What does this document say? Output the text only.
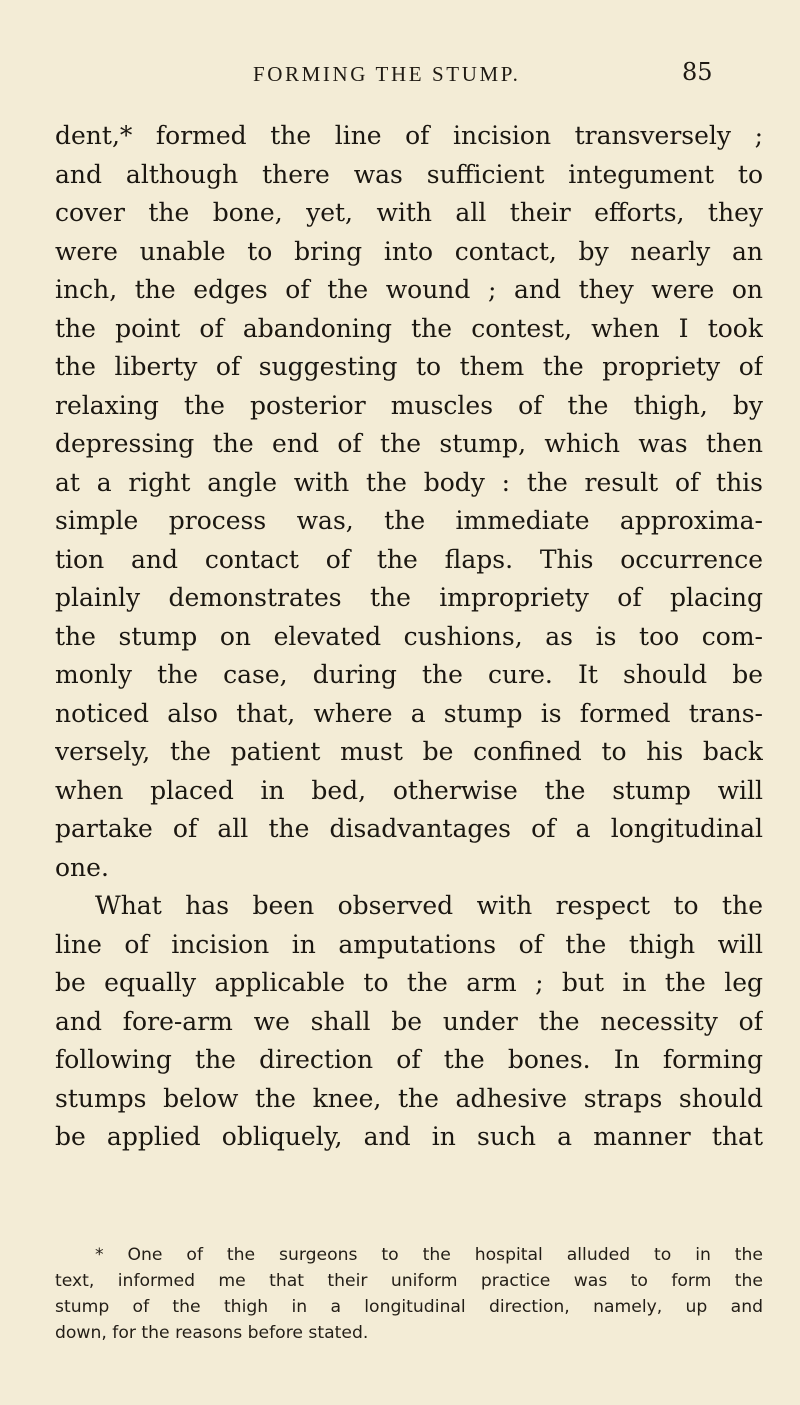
FORMING THE STUMP.	85
dent,* formed the line of incision transversely ;
and although there was sufficient integument to
cover the bone, yet, with all their efforts, they
were unable to bring into contact, by nearly an
inch, the edges of the wound ; and they were on
the point of abandoning the contest, when I took
the liberty of suggesting to them the propriety of
relaxing the posterior muscles of the thigh, by
depressing the end of the stump, which was then
at a right angle with the body : the result of this
simple process was, the immediate approxima-
tion and contact of the flaps. This occurrence
plainly demonstrates the impropriety of placing
the stump on elevated cushions, as is too com-
monly the case, during the cure. It should be
noticed also that, where a stump is formed trans-
versely, the patient must be confined to his back
when placed in bed, otherwise the stump will
partake of all the disadvantages of a longitudinal
one.
What has been observed with respect to the
line of incision in amputations of the thigh will
be equally applicable to the arm ; but in the leg
and fore-arm we shall be under the necessity of
following the direction of the bones. In forming
stumps below the knee, the adhesive straps should
be applied obliquely, and in such a manner that
* One of the surgeons to the hospital alluded to in the
text, informed me that their uniform practice was to form the
stump of the thigh in a longitudinal direction, namely, up and
down, for the reasons before stated.
